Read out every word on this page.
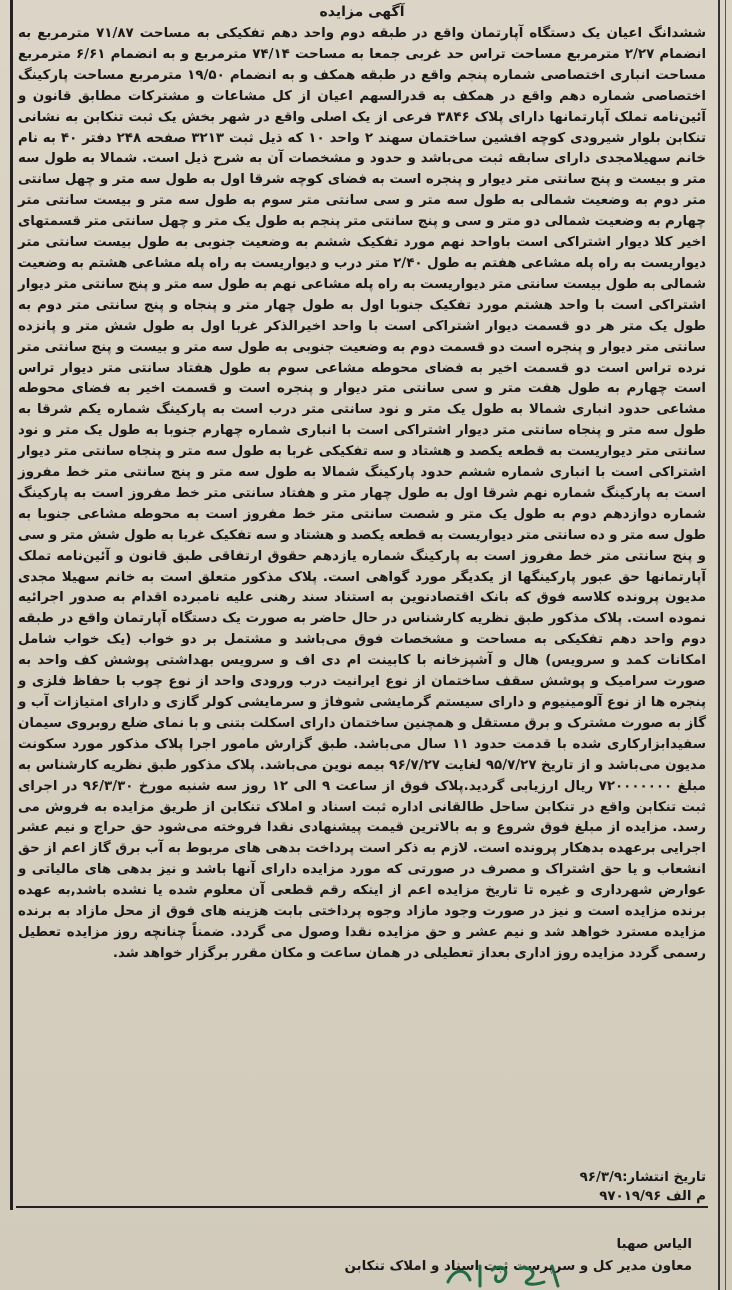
آگهی مزایده
ششدانگ اعیان یک دستگاه آپارتمان واقع در طبقه دوم واحد دهم تفکیکی به مساحت ۷۱/۸۷ مترمربع به انضمام ۲/۲۷ مترمربع مساحت تراس حد غربی جمعا به مساحت ۷۴/۱۴ مترمربع و به انضمام ۶/۶۱ مترمربع مساحت انباری اختصاصی شماره پنجم واقع در طبقه همکف و به انضمام ۱۹/۵۰ مترمربع مساحت پارکینگ اختصاصی شماره دهم واقع در همکف به قدرالسهم اعیان از کل مشاعات و مشترکات مطابق قانون و آئین‌نامه تملک آپارتمانها دارای پلاک ۳۸۴۶ فرعی از یک اصلی واقع در شهر بخش یک ثبت تنکابن به نشانی تنکابن بلوار شیرودی کوچه افشین ساختمان سهند ۲ واحد ۱۰ که ذیل ثبت ۳۲۱۳ صفحه ۲۴۸ دفتر ۴۰ به نام خانم سهیلامجدی دارای سابقه ثبت می‌باشد و حدود و مشخصات آن به شرح ذیل است. شمالا به طول سه متر و بیست و پنج سانتی متر دیوار و پنجره است به فضای کوچه شرقا اول به طول سه متر و چهل سانتی متر دوم به وضعیت شمالی به طول سه متر و سی سانتی متر سوم به طول سه متر و بیست سانتی متر چهارم به وضعیت شمالی دو متر و سی و پنج سانتی متر پنجم به طول یک متر و چهل سانتی متر قسمتهای اخیر کلا دیوار اشتراکی است باواحد نهم مورد تفکیک ششم به وضعیت جنوبی به طول بیست سانتی متر دیواریست به راه پله مشاعی هفتم به طول ۲/۴۰ متر درب و دیواریست به راه پله مشاعی هشتم به وضعیت شمالی به طول بیست سانتی متر دیواریست به راه پله مشاعی نهم به طول سه متر و پنج سانتی متر دیوار اشتراکی است با واحد هشتم مورد تفکیک جنوبا اول به طول چهار متر و پنجاه و پنج سانتی متر دوم به طول یک متر هر دو قسمت دیوار اشتراکی است با واحد اخیرالذکر غربا اول به طول شش متر و پانزده سانتی متر دیوار و پنجره است دو قسمت دوم به وضعیت جنوبی به طول سه متر و بیست و پنج سانتی متر نرده تراس است دو قسمت اخیر به فضای محوطه مشاعی سوم به طول هفتاد سانتی متر دیوار تراس است چهارم به طول هفت متر و سی سانتی متر دیوار و پنجره است و قسمت اخیر به فضای محوطه مشاعی حدود انباری شمالا به طول یک متر و نود سانتی متر درب است به پارکینگ شماره یکم شرقا به طول سه متر و پنجاه سانتی متر دیوار اشتراکی است با انباری شماره چهارم جنوبا به طول یک متر و نود سانتی متر دیواریست به قطعه یکصد و هشتاد و سه تفکیکی غربا به طول سه متر و پنجاه سانتی متر دیوار اشتراکی است با انباری شماره ششم حدود پارکینگ شمالا به طول سه متر و پنج سانتی متر خط مفروز است به پارکینگ شماره نهم شرقا اول به طول چهار متر و هفتاد سانتی متر خط مفروز است به پارکینگ شماره دوازدهم دوم به طول یک متر و شصت سانتی متر خط مفروز است به محوطه مشاعی جنوبا به طول سه متر و ده سانتی متر دیواریست به قطعه یکصد و هشتاد و سه تفکیک غربا به طول شش متر و سی و پنج سانتی متر خط مفروز است به پارکینگ شماره یازدهم حقوق ارتفاقی طبق قانون و آئین‌نامه تملک آپارتمانها حق عبور پارکینگها از یکدیگر مورد گواهی است. پلاک مذکور متعلق است به خانم سهیلا مجدی مدیون پرونده کلاسه فوق که بانک اقتصادنوین به استناد سند رهنی علیه نامبرده اقدام به صدور اجرائیه نموده است. پلاک مذکور طبق نظریه کارشناس در حال حاضر به صورت یک دستگاه آپارتمان واقع در طبقه دوم واحد دهم تفکیکی به مساحت و مشخصات فوق می‌باشد و مشتمل بر دو خواب (یک خواب شامل امکانات کمد و سرویس) هال و آشپزخانه با کابینت ام دی اف و سرویس بهداشتی پوشش کف واحد به صورت سرامیک و پوشش سقف ساختمان از نوع ایرانیت درب ورودی واحد از نوع چوب با حفاظ فلزی و پنجره ها از نوع آلومینیوم و دارای سیستم گرمایشی شوفاژ و سرمایشی کولر گازی و دارای امتیازات آب و گاز به صورت مشترک و برق مستقل و همچنین ساختمان دارای اسکلت بتنی و با نمای ضلع روبروی سیمان سفیدابزارکاری شده با قدمت حدود ۱۱ سال می‌باشد. طبق گزارش مامور اجرا پلاک مذکور مورد سکونت مدیون می‌باشد و از تاریخ ۹۵/۷/۲۷ لغایت ۹۶/۷/۲۷ بیمه نوین می‌باشد. پلاک مذکور طبق نظریه کارشناس به مبلغ ۷۲۰۰۰۰۰۰۰ ریال ارزیابی گردید.پلاک فوق از ساعت ۹ الی ۱۲ روز سه شنبه مورخ ۹۶/۳/۳۰ در اجرای ثبت تنکابن واقع در تنکابن ساحل طالقانی اداره ثبت اسناد و املاک تنکابن از طریق مزایده به فروش می رسد. مزایده از مبلغ فوق شروع و به بالاترین قیمت پیشنهادی نقدا فروخته می‌شود حق حراج و نیم عشر اجرایی برعهده بدهکار پرونده است. لازم به ذکر است پرداخت بدهی های مربوط به آب برق گاز اعم از حق انشعاب و یا حق اشتراک و مصرف در صورتی که مورد مزایده دارای آنها باشد و نیز بدهی های مالیاتی و عوارض شهرداری و غیره تا تاریخ مزایده اعم از اینکه رقم قطعی آن معلوم شده یا نشده باشد,به عهده برنده مزایده است و نیز در صورت وجود مازاد وجوه پرداختی بابت هزینه های فوق از محل مازاد به برنده مزایده مسترد خواهد شد و نیم عشر و حق مزایده نقدا وصول می گردد. ضمناً چنانچه روز مزایده تعطیل رسمی گردد مزایده روز اداری بعداز تعطیلی در همان ساعت و مکان مقرر برگزار خواهد شد.
تاریخ انتشار:۹۶/۳/۹
م الف ۹۷۰۱۹/۹۶
الیاس صهبا
معاون مدیر کل و سرپرست ثبت اسناد و املاک تنکابن
